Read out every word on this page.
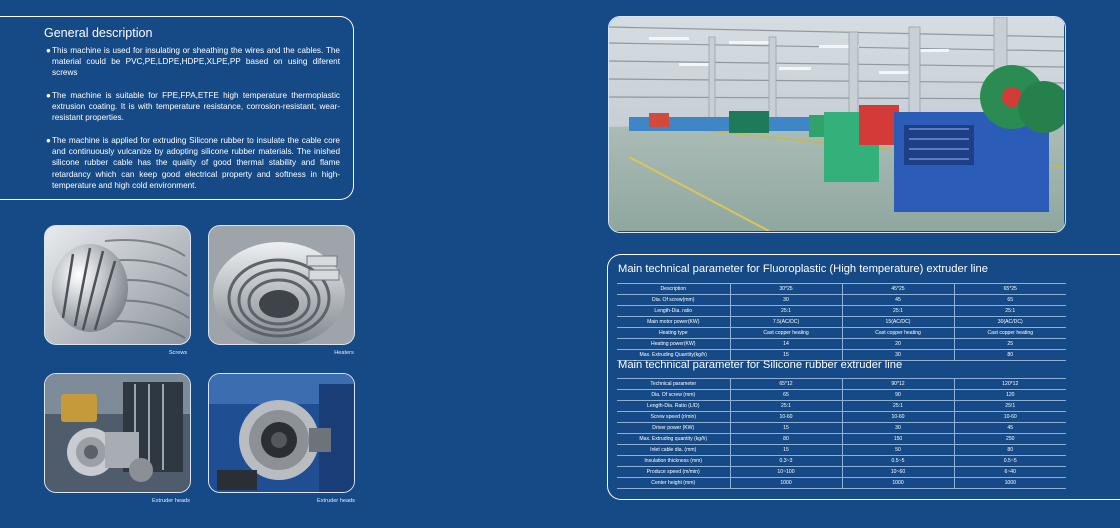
General description
● This machine is used for insulating or sheathing the wires and the cables. The material could be PVC,PE,LDPE,HDPE,XLPE,PP based on using diferent screws
● The machine is suitable for FPE,FPA,ETFE high temperature thermoplastic extrusion coating. It is with temperature resistance, corrosion-resistant, wear-resistant properties.
● The machine is applied for extruding Silicone rubber to insulate the cable core and continuously vulcanize by adopting silicone rubber materials. The inished silicone rubber cable has the quality of good thermal stability and flame retardancy which can keep good electrical property and softness in high-temperature and high cold environment.
Screws	Heaters
Extruder heads	Extruder heads
Main technical parameter for Fluoroplastic (High temperature) extruder line
Description	30*25	45*25	65*25
Dia. Of screw(mm)	30	45	65
Length-Dia. ratio	25:1	25:1	25:1
Main motor power(KW)	7.5(AC/DC)	15(AC/DC)	30(AC/DC)
Heating type	Cast copper healing	Cast copper heating	Cast copper heating
Heating power(KW)	14	20	25
Max. Extruding Quantity(kg/h)	15	30	80
Main technical parameter for Silicone rubber extruder line
Technical parameter	65*12	90*12	120*12
Dia. Of screw (mm)	65	90	120
Length-Dia. Ratio (L/D)	25:1	25:1	25!1
Screw speed (r/min)	10-60	10-60	10-60
Driver power (KW)	15	30	45
Max. Extruding quantity (kg/h)	80	150	250
Inlet cable dia. (mm)	15	50	80
Insulation thickness (mm)	0.3~3	0.5~5	0.5~5
Produce speed (m/min)	10~100	10~60	6~40
Center height (mm)	1000	1000	1000
